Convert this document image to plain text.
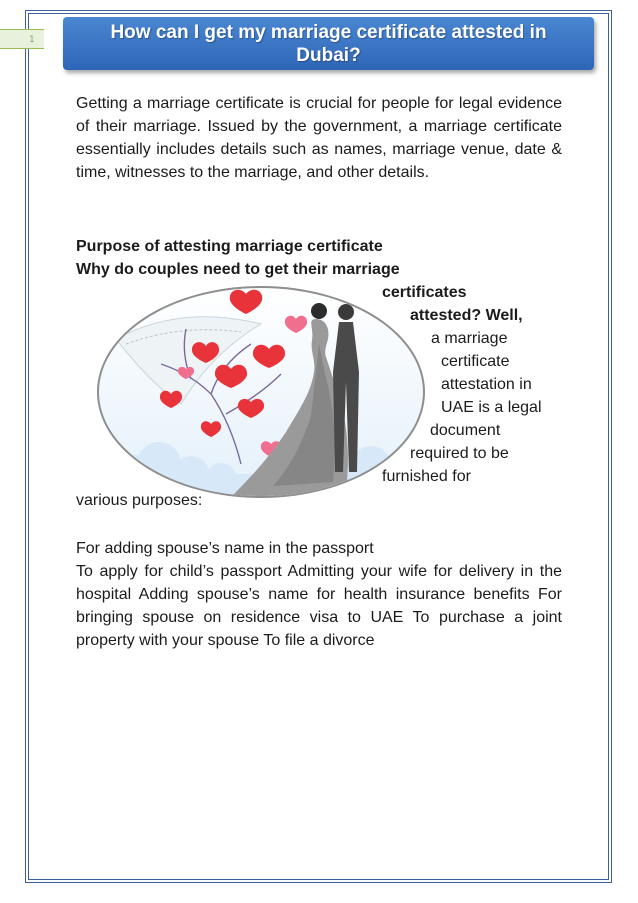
1	How can I get my marriage certificate attested in
Dubai?

Getting a marriage certificate is crucial for people for legal evidence of their marriage. Issued by the government, a marriage certificate essentially includes details such as names, marriage venue, date & time, witnesses to the marriage, and other details.

Purpose of attesting marriage certificate
Why do couples need to get their marriage
certificates
attested? Well,
a marriage
certificate
attestation in
UAE is a legal
document
required to be
furnished for
various purposes:
For adding spouse’s name in the passport

To apply for child’s passport Admitting your wife for delivery in the hospital Adding spouse’s name for health insurance benefits For bringing spouse on residence visa to UAE To purchase a joint property with your spouse To file a divorce
